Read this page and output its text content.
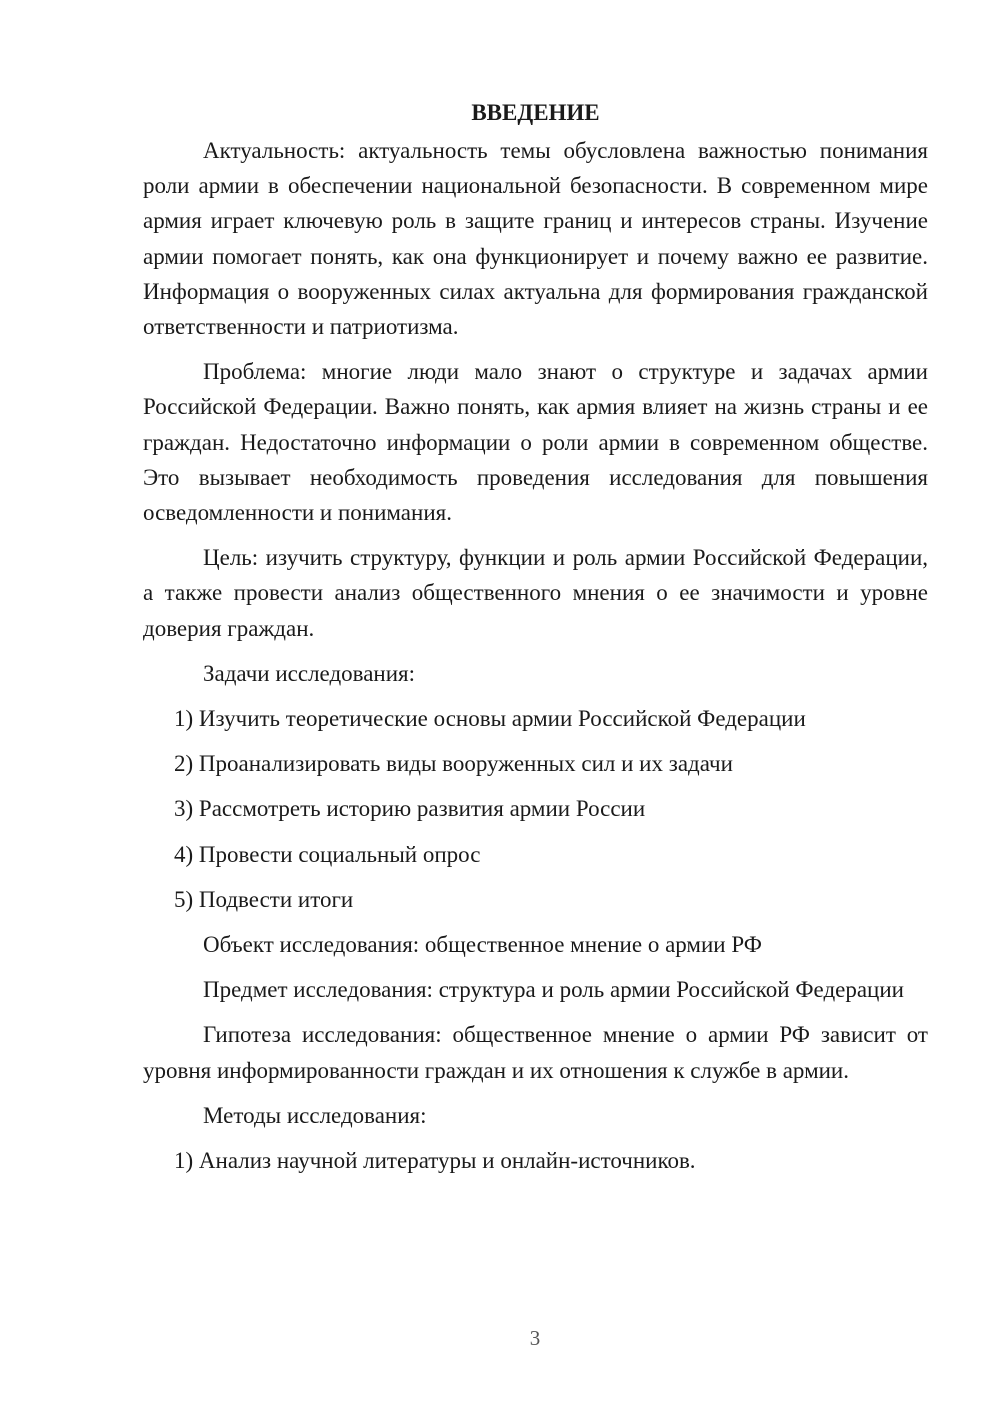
ВВЕДЕНИЕ

Актуальность: актуальность темы обусловлена важностью понимания роли армии в обеспечении национальной безопасности. В современном мире армия играет ключевую роль в защите границ и интересов страны. Изучение армии помогает понять, как она функционирует и почему важно ее развитие. Информация о вооруженных силах актуальна для формирования гражданской ответственности и патриотизма.

Проблема: многие люди мало знают о структуре и задачах армии Российской Федерации. Важно понять, как армия влияет на жизнь страны и ее граждан. Недостаточно информации о роли армии в современном обществе. Это вызывает необходимость проведения исследования для повышения осведомленности и понимания.

Цель: изучить структуру, функции и роль армии Российской Федерации, а также провести анализ общественного мнения о ее значимости и уровне доверия граждан.

Задачи исследования:

1) Изучить теоретические основы армии Российской Федерации
2) Проанализировать виды вооруженных сил и их задачи
3) Рассмотреть историю развития армии России
4) Провести социальный опрос
5) Подвести итоги

Объект исследования: общественное мнение о армии РФ

Предмет исследования: структура и роль армии Российской Федерации

Гипотеза исследования: общественное мнение о армии РФ зависит от уровня информированности граждан и их отношения к службе в армии.

Методы исследования:

1) Анализ научной литературы и онлайн-источников.
3
